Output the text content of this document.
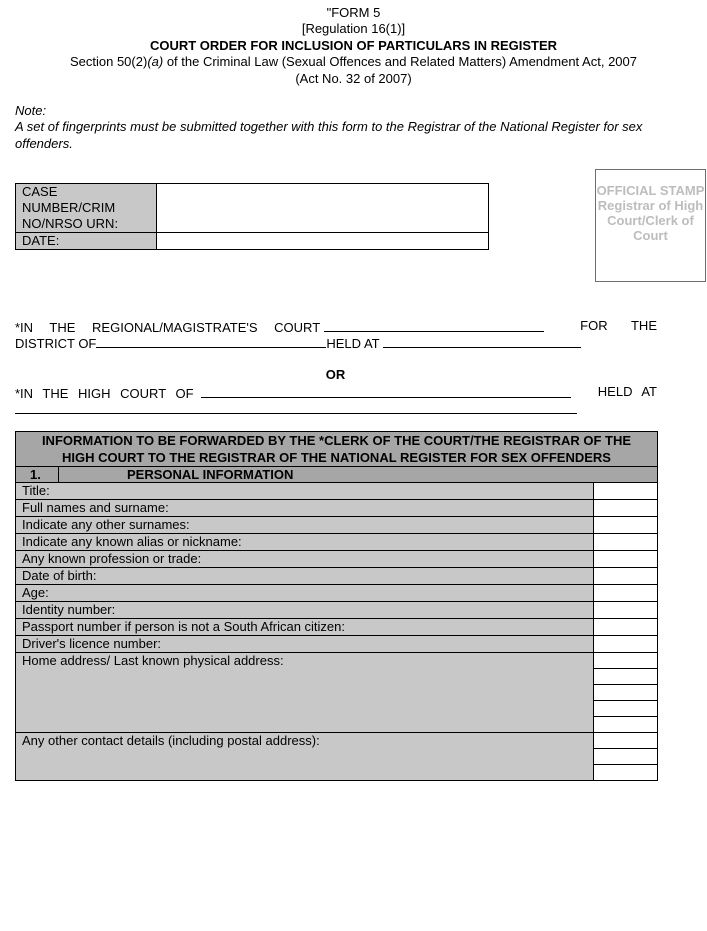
"FORM 5
[Regulation 16(1)]
COURT ORDER FOR INCLUSION OF PARTICULARS IN REGISTER
Section 50(2)(a) of the Criminal Law (Sexual Offences and Related Matters) Amendment Act, 2007
(Act No. 32 of 2007)
Note:
A set of fingerprints must be submitted together with this form to the Registrar of the National Register for sex offenders.
CASE NUMBER/CRIM NO/NRSO URN:	
DATE:	
OFFICIAL STAMP Registrar of High Court/Clerk of Court
*IN THE REGIONAL/MAGISTRATE'S COURT	FOR THE
DISTRICT OF	HELD AT
OR
*IN THE HIGH COURT OF	HELD AT
INFORMATION TO BE FORWARDED BY THE *CLERK OF THE COURT/THE REGISTRAR OF THE HIGH COURT TO THE REGISTRAR OF THE NATIONAL REGISTER FOR SEX OFFENDERS		
1.	PERSONAL INFORMATION	
Title:		
Full names and surname:		
Indicate any other surnames:		
Indicate any known alias or nickname:		
Any known profession or trade:		
Date of birth:		
Age:		
Identity number:		
Passport number if person is not a South African citizen:		
Driver's licence number:		
Home address/ Last known physical address:		

Any other contact details (including postal address):		
